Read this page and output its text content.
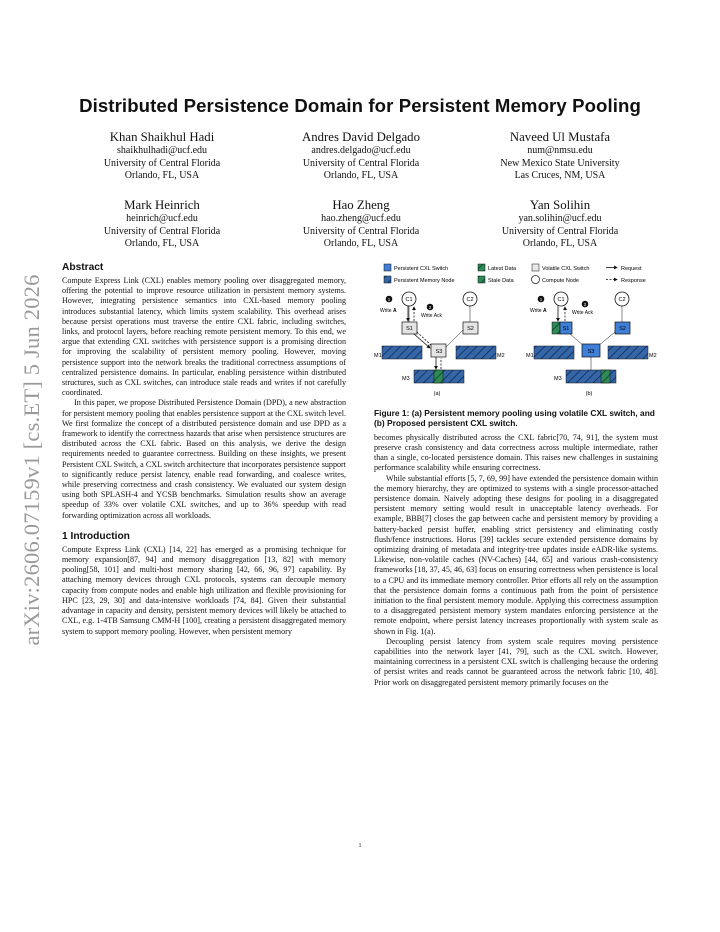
arXiv:2606.07159v1 [cs.ET] 5 Jun 2026
Distributed Persistence Domain for Persistent Memory Pooling
Khan Shaikhul Hadi
shaikhulhadi@ucf.edu
University of Central Florida
Orlando, FL, USA
Andres David Delgado
andres.delgado@ucf.edu
University of Central Florida
Orlando, FL, USA
Naveed Ul Mustafa
num@nmsu.edu
New Mexico State University
Las Cruces, NM, USA
Mark Heinrich
heinrich@ucf.edu
University of Central Florida
Orlando, FL, USA
Hao Zheng
hao.zheng@ucf.edu
University of Central Florida
Orlando, FL, USA
Yan Solihin
yan.solihin@ucf.edu
University of Central Florida
Orlando, FL, USA
Abstract

Compute Express Link (CXL) enables memory pooling over disaggregated memory, offering the potential to improve resource utilization in persistent memory systems. However, integrating persistence semantics into CXL-based memory pooling introduces substantial latency, which limits system scalability. This overhead arises because persist operations must traverse the entire CXL fabric, including switches, links, and protocol layers, before reaching remote persistent memory. To this end, we argue that extending CXL switches with persistence support is a promising direction for improving the scalability of persistent memory pooling. However, moving persistence support into the network breaks the traditional correctness assumptions of centralized persistence domains. In particular, enabling persistence within distributed structures, such as CXL switches, can introduce stale reads and writes if not carefully coordinated.

In this paper, we propose Distributed Persistence Domain (DPD), a new abstraction for persistent memory pooling that enables persistence support at the CXL switch level. We first formalize the concept of a distributed persistence domain and use DPD as a framework to identify the correctness hazards that arise when persistence structures are distributed across the CXL fabric. Based on this analysis, we derive the design requirements needed to guarantee correctness. Building on these insights, we present Persistent CXL Switch, a CXL switch architecture that incorporates persistence support to significantly reduce persist latency, enable read forwarding, and coalesce writes, while preserving correctness and crash consistency. We evaluated our system design using both SPLASH-4 and YCSB benchmarks. Simulation results show an average speedup of 33% over volatile CXL switches, and up to 36% speedup with read forwarding optimization across all workloads.

1 Introduction

Compute Express Link (CXL) [14, 22] has emerged as a promising technique for memory expansion[87, 94] and memory disaggregation [13, 82] with memory pooling[58, 101] and multi-host memory sharing [42, 66, 96, 97] capability. By attaching memory devices through CXL protocols, systems can decouple memory capacity from compute nodes and enable high utilization and flexible provisioning for HPC [23, 29, 30] and data-intensive workloads [74, 84]. Given their substantial advantage in capacity and density, persistent memory devices will likely be attached to CXL, e.g. 1-4TB Samsung CMM-H [100], creating a persistent disaggregated memory system to support memory pooling. However, when persistent memory

Persistent CXL Switch	Latest Data	Volatile CXL Switch	Request
Persistent Memory Node	Stale Data	Compute Node	Response
C1	C2
1
Write A
2
Write Ack
S1	S2
M1	M2
S3
M3
(a)
C1	C2
1
Write A
2
Write Ack
S1	S2
M1	M2
S3
M3
(b)
Figure 1: (a) Persistent memory pooling using volatile CXL switch, and (b) Proposed persistent CXL switch.

becomes physically distributed across the CXL fabric[70, 74, 91], the system must preserve crash consistency and data correctness across multiple intermediate, rather than a single, co-located persistence domain. This raises new challenges in sustaining performance scalability while ensuring correctness.

While substantial efforts [5, 7, 69, 99] have extended the persistence domain within the memory hierarchy, they are optimized to systems with a single processor-attached persistence domain. Naively adopting these designs for pooling in a disaggregated persistent memory setting would result in unacceptable latency overheads. For example, BBB[7] closes the gap between cache and persistent memory by providing a battery-backed persist buffer, enabling strict persistency and eliminating costly flush/fence instructions. Horus [39] tackles secure extended persistence domains by optimizing draining of metadata and integrity-tree updates inside eADR-like systems. Likewise, non-volatile caches (NV-Caches) [44, 65] and various crash-consistency frameworks [18, 37, 45, 46, 63] focus on ensuring correctness when persistence is local to a CPU and its immediate memory controller. Prior efforts all rely on the assumption that the persistence domain forms a continuous path from the point of persistence initiation to the final persistent memory module. Applying this correctness assumption to a disaggregated persistent memory system mandates enforcing persistence at the remote endpoint, where persist latency increases proportionally with system scale as shown in Fig. 1(a).

Decoupling persist latency from system scale requires moving persistence capabilities into the network layer [41, 79], such as the CXL switch. However, maintaining correctness in a persistent CXL switch is challenging because the ordering of persist writes and reads cannot be guaranteed across the network fabric [10, 48]. Prior work on disaggregated persistent memory primarily focuses on the

1
